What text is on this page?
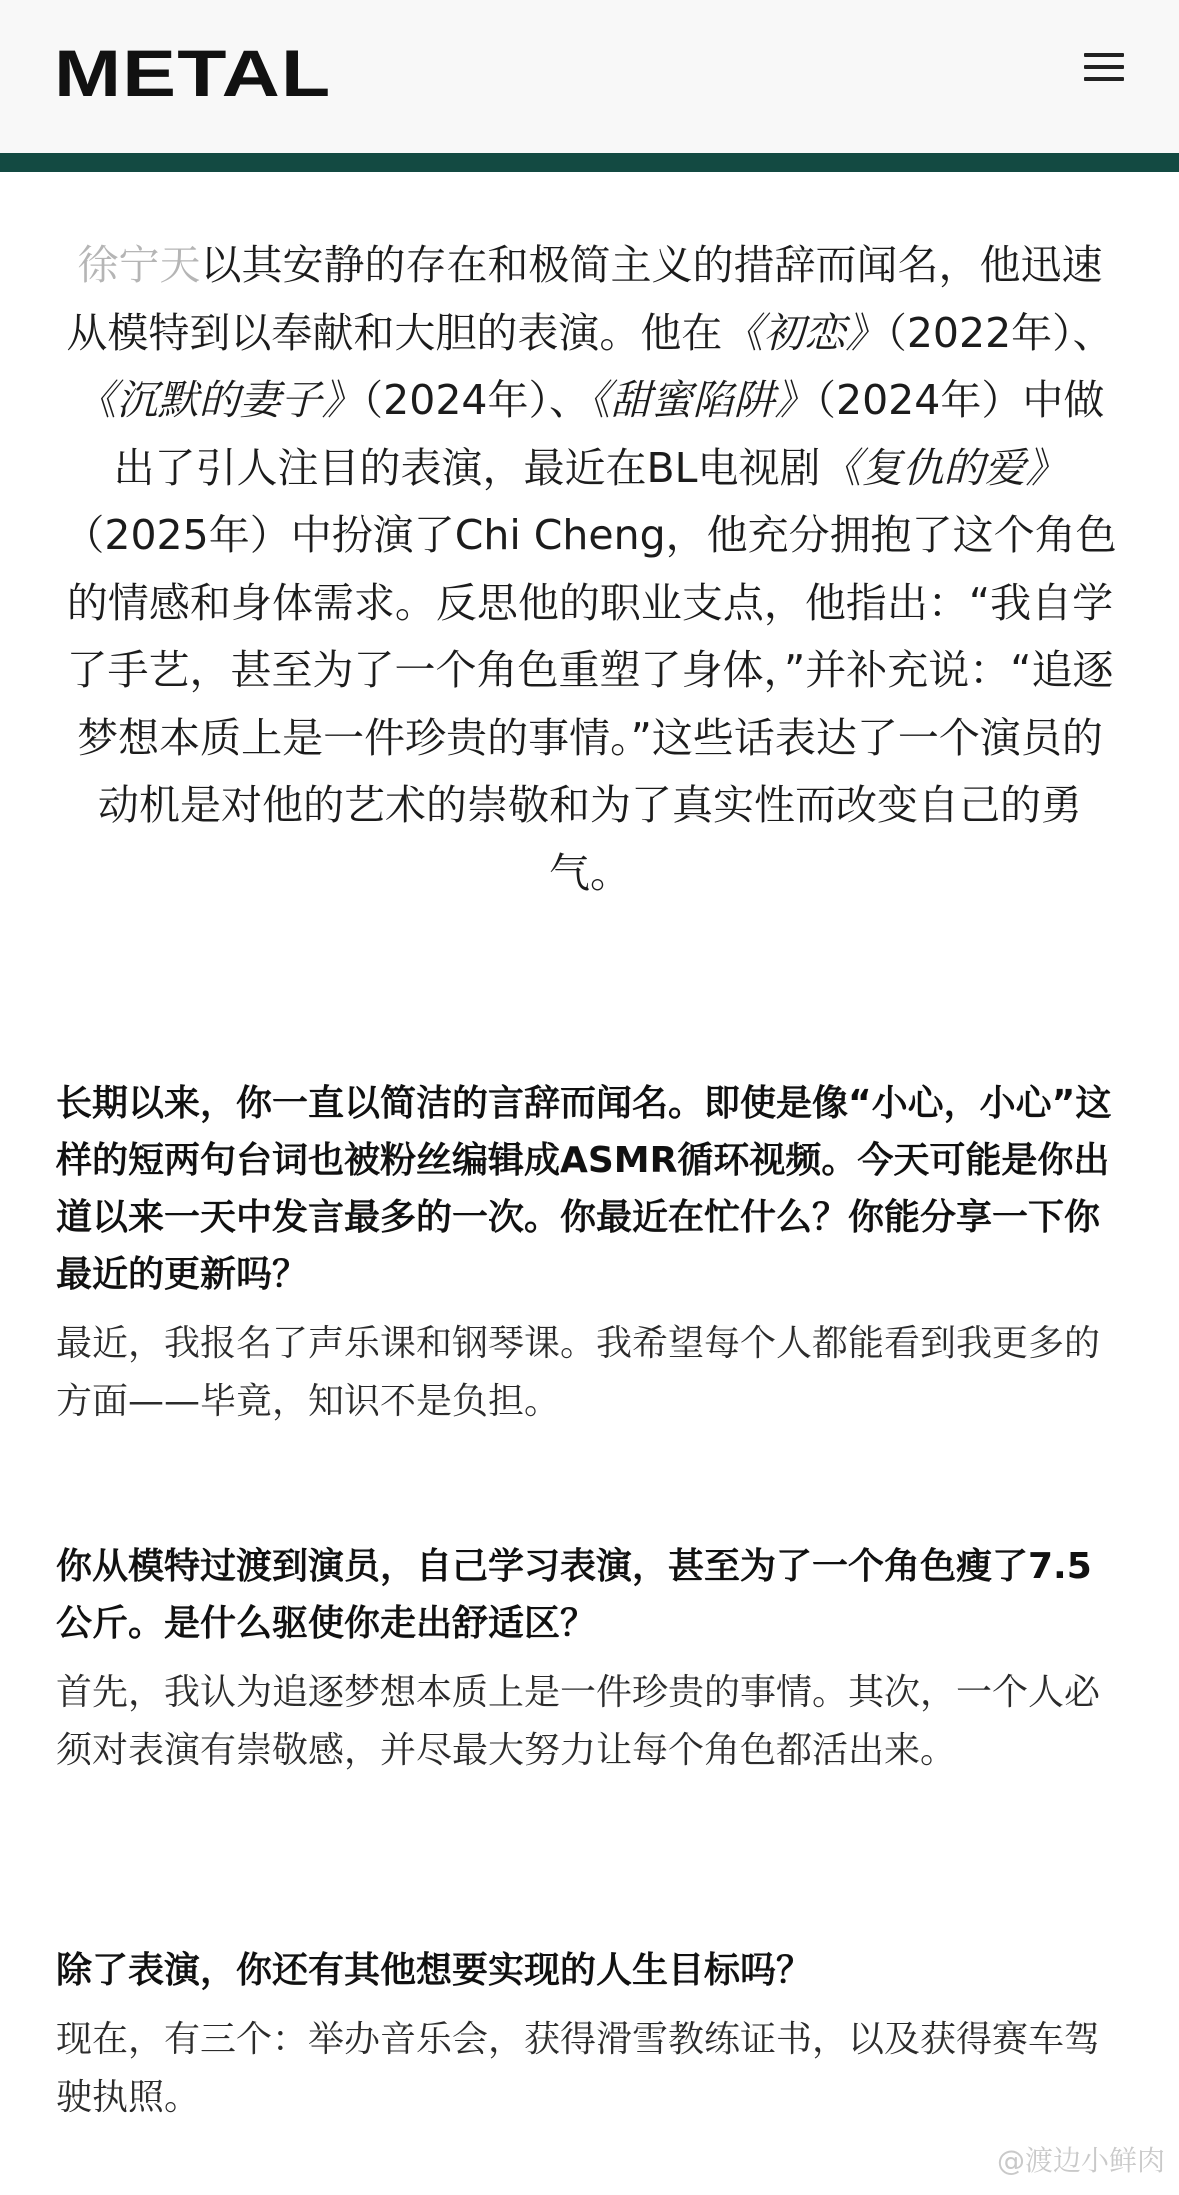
METAL
徐宁天以其安静的存在和极简主义的措辞而闻名，他迅速从模特到以奉献和大胆的表演。他在《初恋》（2022年）、《沉默的妻子》（2024年）、《甜蜜陷阱》（2024年）中做出了引人注目的表演，最近在BL电视剧《复仇的爱》（2025年）中扮演了Chi Cheng，他充分拥抱了这个角色的情感和身体需求。反思他的职业支点，他指出：“我自学了手艺，甚至为了一个角色重塑了身体，”并补充说：“追逐梦想本质上是一件珍贵的事情。”这些话表达了一个演员的动机是对他的艺术的崇敬和为了真实性而改变自己的勇气。

长期以来，你一直以简洁的言辞而闻名。即使是像“小心，小心”这样的短两句台词也被粉丝编辑成ASMR循环视频。今天可能是你出道以来一天中发言最多的一次。你最近在忙什么？你能分享一下你最近的更新吗？

最近，我报名了声乐课和钢琴课。我希望每个人都能看到我更多的方面——毕竟，知识不是负担。

你从模特过渡到演员，自己学习表演，甚至为了一个角色瘦了7.5公斤。是什么驱使你走出舒适区？

首先，我认为追逐梦想本质上是一件珍贵的事情。其次，一个人必须对表演有崇敬感，并尽最大努力让每个角色都活出来。

除了表演，你还有其他想要实现的人生目标吗？

现在，有三个：举办音乐会，获得滑雪教练证书，以及获得赛车驾驶执照。

@渡边小鲜肉
